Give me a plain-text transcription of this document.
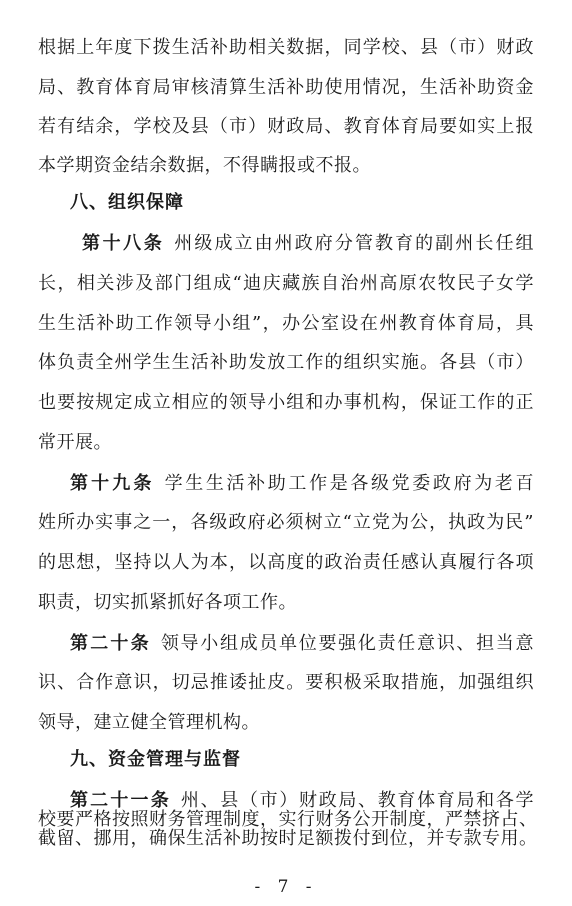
根据上年度下拨生活补助相关数据，同学校、县（市）财政
局、教育体育局审核清算生活补助使用情况，生活补助资金
若有结余，学校及县（市）财政局、教育体育局要如实上报
本学期资金结余数据，不得瞒报或不报。
八、组织保障
第十八条 州级成立由州政府分管教育的副州长任组
长，相关涉及部门组成“迪庆藏族自治州高原农牧民子女学
生生活补助工作领导小组”，办公室设在州教育体育局，具
体负责全州学生生活补助发放工作的组织实施。各县（市）
也要按规定成立相应的领导小组和办事机构，保证工作的正
常开展。
第十九条 学生生活补助工作是各级党委政府为老百
姓所办实事之一，各级政府必须树立“立党为公，执政为民”
的思想，坚持以人为本，以高度的政治责任感认真履行各项
职责，切实抓紧抓好各项工作。
第二十条 领导小组成员单位要强化责任意识、担当意
识、合作意识，切忌推诿扯皮。要积极采取措施，加强组织
领导，建立健全管理机构。
九、资金管理与监督
第二十一条 州、县（市）财政局、教育体育局和各学
校要严格按照财务管理制度，实行财务公开制度，严禁挤占、
截留、挪用，确保生活补助按时足额拨付到位，并专款专用。
- 7 -
